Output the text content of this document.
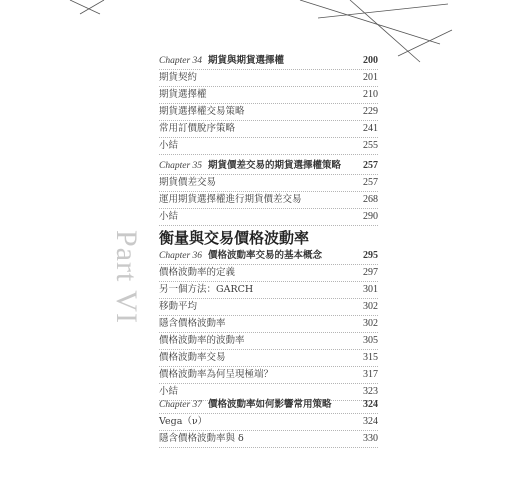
Part VI
Chapter 34 期貨與期貨選擇權	200
期貨契約	201
期貨選擇權	210
期貨選擇權交易策略	229
常用訂價脫序策略	241
小結	255
Chapter 35 期貨價差交易的期貨選擇權策略 257
期貨價差交易	257
運用期貨選擇權進行期貨價差交易	268
小結	290
衡量與交易價格波動率
Chapter 36 價格波動率交易的基本概念	295
價格波動率的定義	297
另一個方法：GARCH	301
移動平均	302
隱含價格波動率	302
價格波動率的波動率	305
價格波動率交易	315
價格波動率為何呈現極端？	317
小結	323
Chapter 37 價格波動率如何影響常用策略	324
Vega（ν）	324
隱含價格波動率與 δ	330
